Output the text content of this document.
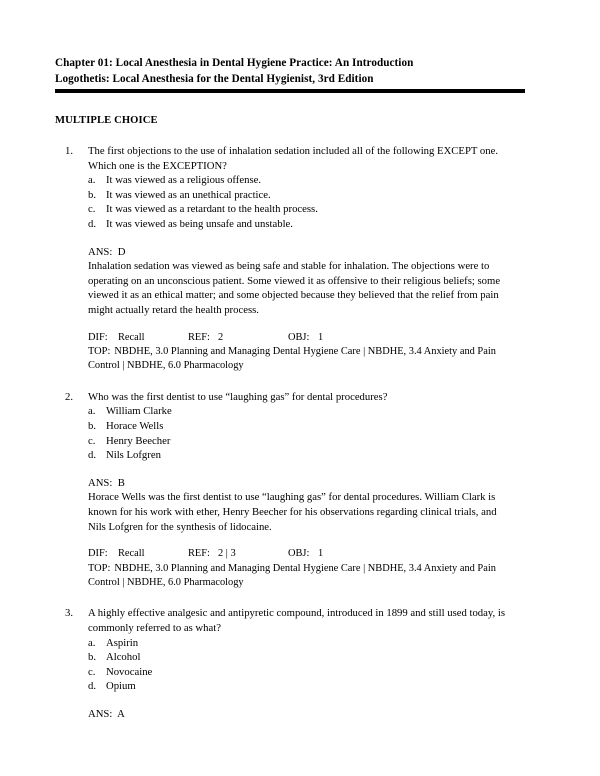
Chapter 01: Local Anesthesia in Dental Hygiene Practice: An Introduction
Logothetis: Local Anesthesia for the Dental Hygienist, 3rd Edition
MULTIPLE CHOICE
1.	The first objections to the use of inhalation sedation included all of the following EXCEPT one. Which one is the EXCEPTION?
a. It was viewed as a religious offense.
b. It was viewed as an unethical practice.
c. It was viewed as a retardant to the health process.
d. It was viewed as being unsafe and unstable.
ANS:  D
Inhalation sedation was viewed as being safe and stable for inhalation. The objections were to operating on an unconscious patient. Some viewed it as offensive to their religious beliefs; some viewed it as an ethical matter; and some objected because they believed that the relief from pain might actually retard the health process.
DIF: Recall	REF: 2	OBJ: 1
TOP: NBDHE, 3.0 Planning and Managing Dental Hygiene Care | NBDHE, 3.4 Anxiety and Pain Control | NBDHE, 6.0 Pharmacology
2.	Who was the first dentist to use “laughing gas” for dental procedures?
a. William Clarke
b. Horace Wells
c. Henry Beecher
d. Nils Lofgren
ANS:  B
Horace Wells was the first dentist to use “laughing gas” for dental procedures. William Clark is known for his work with ether, Henry Beecher for his observations regarding clinical trials, and Nils Lofgren for the synthesis of lidocaine.
DIF: Recall	REF: 2 | 3	OBJ: 1
TOP: NBDHE, 3.0 Planning and Managing Dental Hygiene Care | NBDHE, 3.4 Anxiety and Pain Control | NBDHE, 6.0 Pharmacology
3.	A highly effective analgesic and antipyretic compound, introduced in 1899 and still used today, is commonly referred to as what?
a. Aspirin
b. Alcohol
c. Novocaine
d. Opium
ANS:  A
